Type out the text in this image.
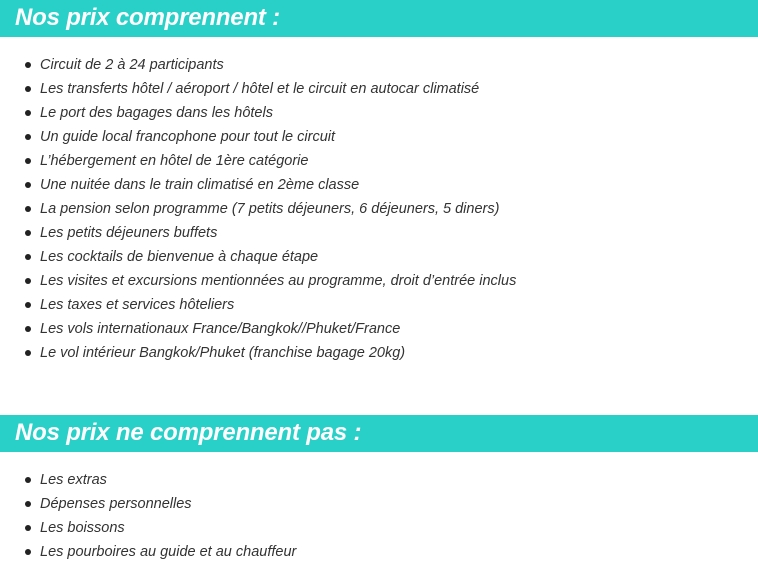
Nos prix comprennent :
Circuit de 2 à 24 participants
Les transferts hôtel / aéroport / hôtel et le circuit en autocar climatisé
Le port des bagages dans les hôtels
Un guide local francophone pour tout le circuit
L’hébergement en hôtel de 1ère catégorie
Une nuitée dans le train climatisé en 2ème classe
La pension selon programme (7 petits déjeuners, 6 déjeuners, 5 diners)
Les petits déjeuners buffets
Les cocktails de bienvenue à chaque étape
Les visites et excursions mentionnées au programme, droit d’entrée inclus
Les taxes et services hôteliers
Les vols internationaux France/Bangkok//Phuket/France
Le vol intérieur Bangkok/Phuket (franchise bagage 20kg)
Nos prix ne comprennent pas :
Les extras
Dépenses personnelles
Les boissons
Les pourboires au guide et au chauffeur
